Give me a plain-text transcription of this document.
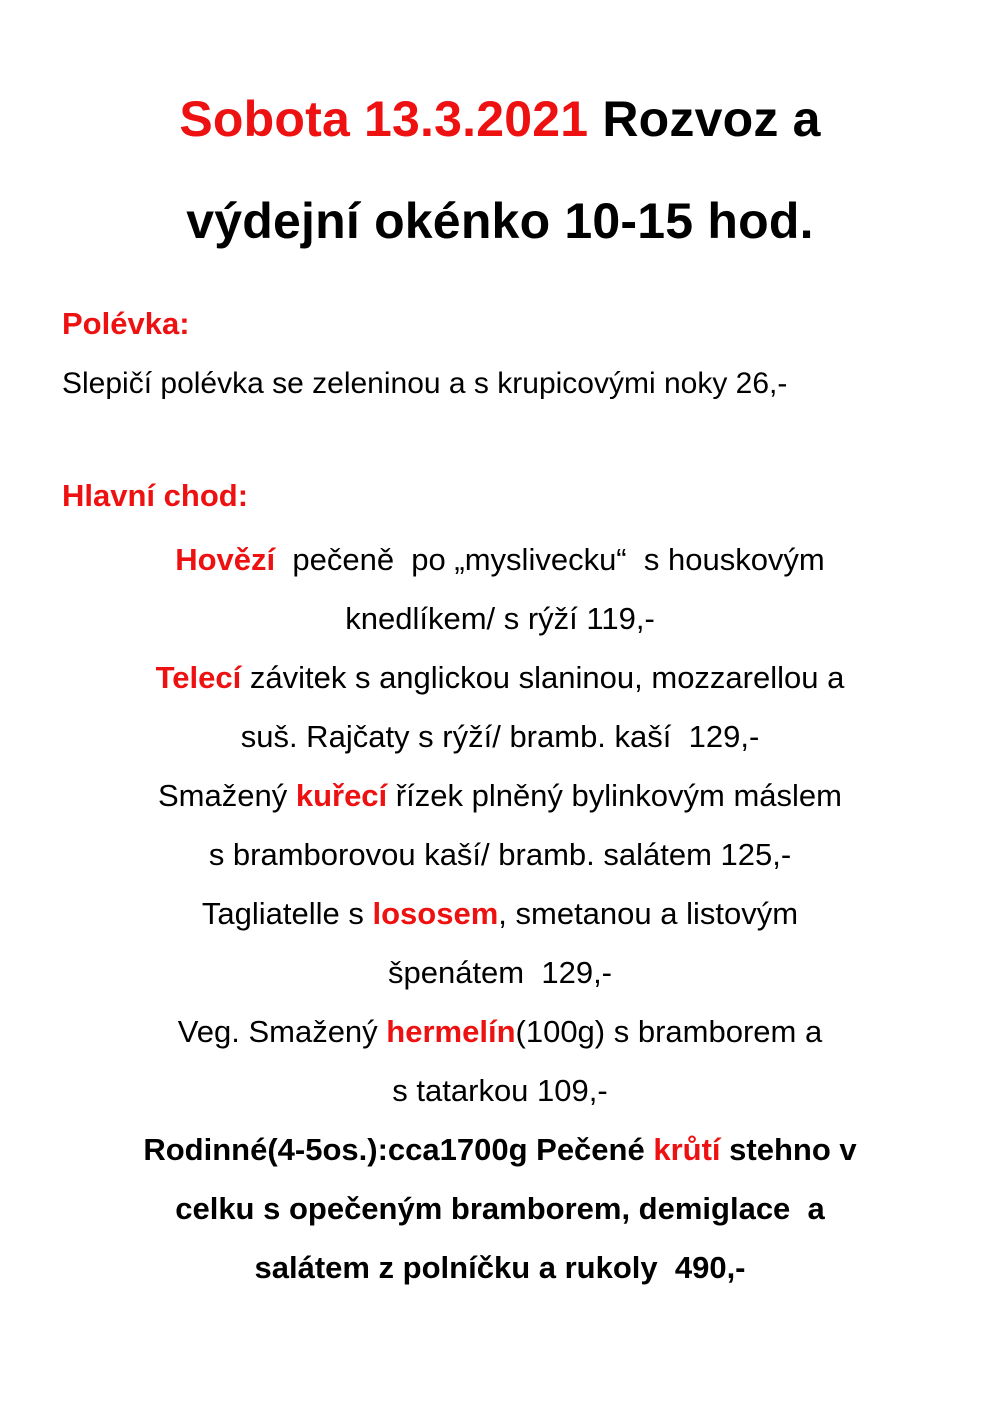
Sobota 13.3.2021 Rozvoz a
výdejní okénko 10-15 hod.
Polévka:
Slepičí polévka se zeleninou a s krupicovými noky 26,-
Hlavní chod:
Hovězí  pečeně  po „myslivecku“  s houskovým
knedlíkem/ s rýží 119,-
Telecí závitek s anglickou slaninou, mozzarellou a
suš. Rajčaty s rýží/ bramb. kaší  129,-
Smažený kuřecí řízek plněný bylinkovým máslem
s bramborovou kaší/ bramb. salátem 125,-
Tagliatelle s lososem, smetanou a listovým
špenátem  129,-
Veg. Smažený hermelín(100g) s bramborem a
s tatarkou 109,-
Rodinné(4-5os.):cca1700g Pečené krůtí stehno v
celku s opečeným bramborem, demiglace  a
salátem z polníčku a rukoly  490,-
